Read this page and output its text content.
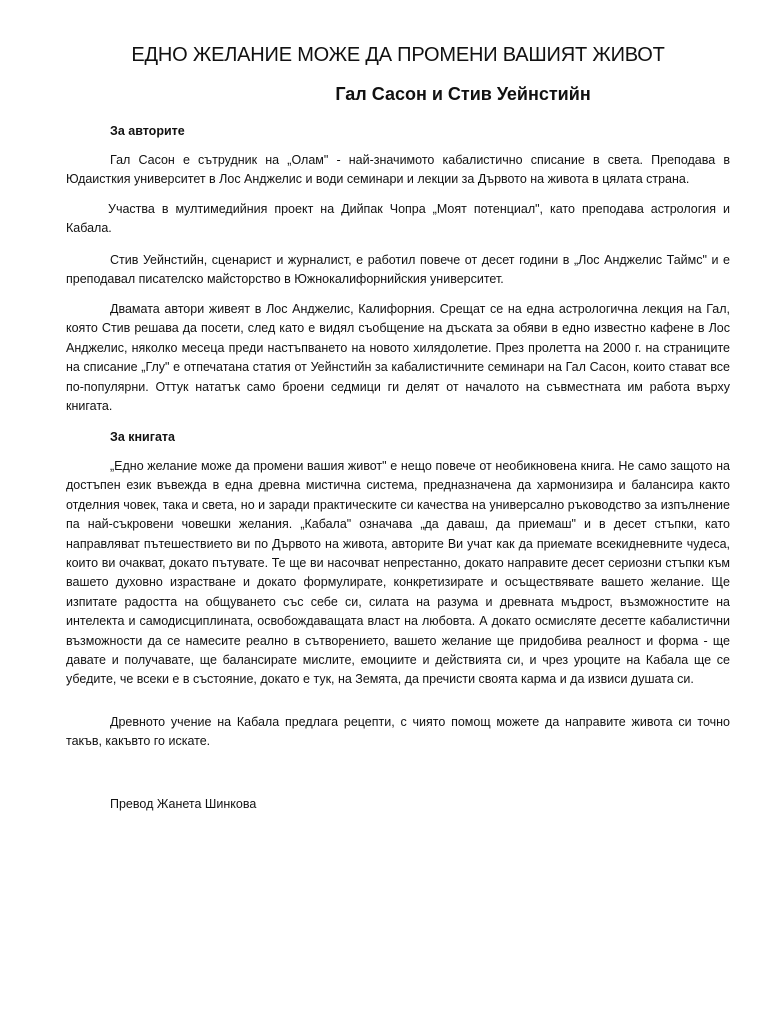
ЕДНО ЖЕЛАНИЕ МОЖЕ ДА ПРОМЕНИ ВАШИЯТ ЖИВОТ
Гал Сасон и Стив Уейнстийн

За авторите

Гал Сасон е сътрудник на „Олам" - най-значимото кабалистично списание в света. Преподава в Юдаисткия университет в Лос Анджелис и води семинари и лекции за Дървото на живота в цялата страна.

Участва в мултимедийния проект на Дийпак Чопра „Моят потенциал", като преподава астрология и Кабала.

Стив Уейнстийн, сценарист и журналист, е работил повече от десет години в „Лос Анджелис Таймс" и е преподавал писателско майсторство в Южнокалифорнийския университет.

Двамата автори живеят в Лос Анджелис, Калифорния. Срещат се на една астрологична лекция на Гал, която Стив решава да посети, след като е видял съобщение на дъската за обяви в едно известно кафене в Лос Анджелис, няколко месеца преди настъпването на новото хилядолетие. През пролетта на 2000 г. на страниците на списание „Глу" е отпечатана статия от Уейнстийн за кабалистичните семинари на Гал Сасон, които стават все по-популярни. Оттук нататък само броени седмици ги делят от началото на съвместната им работа върху книгата.

За книгата

„Едно желание може да промени вашия живот" е нещо повече от необикновена книга. Не само защото на достъпен език въвежда в една древна мистична система, предназначена да хармонизира и балансира както отделния човек, така и света, но и заради практическите си качества на универсално ръководство за изпълнение па най-съкровени човешки желания. „Кабала" означава „да даваш, да приемаш" и в десет стъпки, като направляват пътешествието ви по Дървото на живота, авторите Ви учат как да приемате всекидневните чудеса, които ви очакват, докато пътувате. Те ще ви насочват непрестанно, докато направите десет сериозни стъпки към вашето духовно израстване и докато формулирате, конкретизирате и осъществявате вашето желание. Ще изпитате радостта на общуването със себе си, силата на разума и древната мъдрост, възможностите на интелекта и самодисциплината, освобождаващата власт на любовта. А докато осмисляте десетте кабалистични възможности да се намесите реално в сътворението, вашето желание ще придобива реалност и форма - ще давате и получавате, ще балансирате мислите, емоциите и действията си, и чрез уроците на Кабала ще се убедите, че всеки е в състояние, докато е тук, на Земята, да пречисти своята карма и да извиси душата си.

Древното учение на Кабала предлага рецепти, с чиято помощ можете да направите живота си точно такъв, какъвто го искате.

Превод Жанета Шинкова
